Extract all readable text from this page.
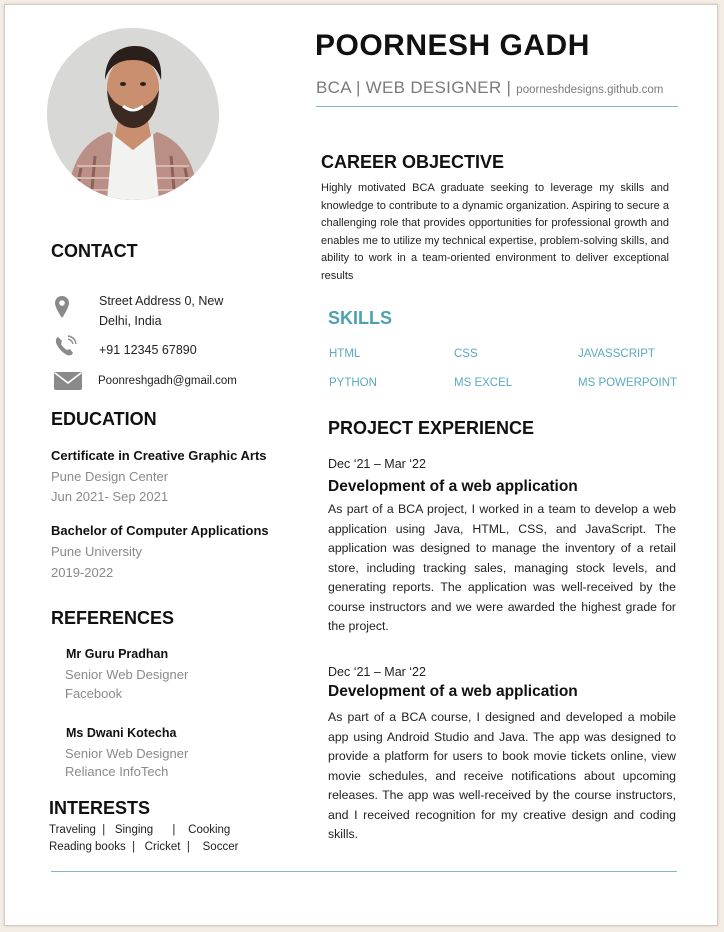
POORNESH GADH
BCA | WEB DESIGNER | poorneshdesigns.github.com
CAREER OBJECTIVE
Highly motivated BCA graduate seeking to leverage my skills and knowledge to contribute to a dynamic organization. Aspiring to secure a challenging role that provides opportunities for professional growth and enables me to utilize my technical expertise, problem-solving skills, and ability to work in a team-oriented environment to deliver exceptional results
SKILLS
HTML	CSS	JAVASSCRIPT
PYTHON	MS EXCEL	MS POWERPOINT
PROJECT EXPERIENCE
Dec ‘21 – Mar ‘22
Development of a web application
As part of a BCA project, I worked in a team to develop a web application using Java, HTML, CSS, and JavaScript. The application was designed to manage the inventory of a retail store, including tracking sales, managing stock levels, and generating reports. The application was well-received by the course instructors and we were awarded the highest grade for the project.
Dec ‘21 – Mar ‘22
Development of a web application
As part of a BCA course, I designed and developed a mobile app using Android Studio and Java. The app was designed to provide a platform for users to book movie tickets online, view movie schedules, and receive notifications about upcoming releases. The app was well-received by the course instructors, and I received recognition for my creative design and coding skills.
CONTACT
Street Address 0, New
Delhi, India
+91 12345 67890
Poonreshgadh@gmail.com
EDUCATION
Certificate in Creative Graphic Arts
Pune Design Center
Jun 2021- Sep 2021
Bachelor of Computer Applications
Pune University
2019-2022
REFERENCES
Mr Guru Pradhan
Senior Web Designer
Facebook
Ms Dwani Kotecha
Senior Web Designer
Reliance InfoTech
INTERESTS
Traveling  |   Singing      |    Cooking
Reading books  |   Cricket  |    Soccer
